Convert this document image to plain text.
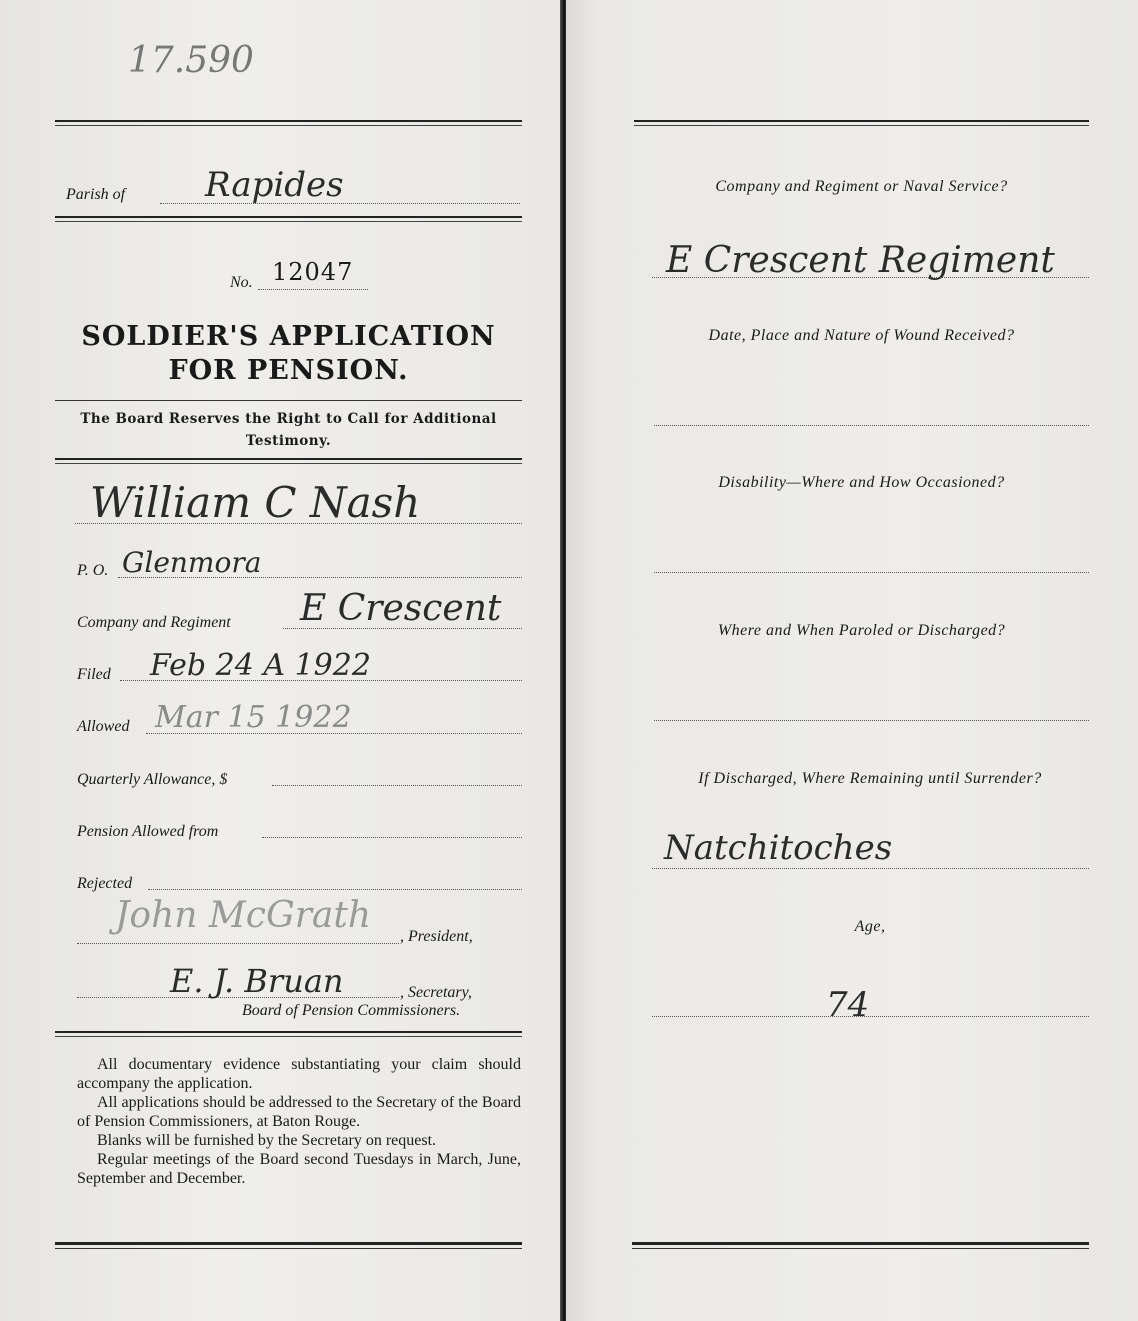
17.590
Parish of Rapides
No. 12047
SOLDIER'S APPLICATION
FOR PENSION.
The Board Reserves the Right to Call for Additional
Testimony.
William C Nash
P. O. Glenmora
Company and Regiment E Crescent
Filed Feb 24 A 1922
Allowed Mar 15 1922
Quarterly Allowance, $
Pension Allowed from
Rejected
John McGrath
, President,
E. J. Bruan	, Secretary,
Board of Pension Commissioners.

All documentary evidence substantiating your claim should accompany the application.

All applications should be addressed to the Secretary of the Board of Pension Commissioners, at Baton Rouge.

Blanks will be furnished by the Secretary on request.

Regular meetings of the Board second Tuesdays in March, June, September and December.

Company and Regiment or Naval Service?
E Crescent Regiment
Date, Place and Nature of Wound Received?
Disability—Where and How Occasioned?
Where and When Paroled or Discharged?
If Discharged, Where Remaining until Surrender?
Natchitoches
Age,
74
